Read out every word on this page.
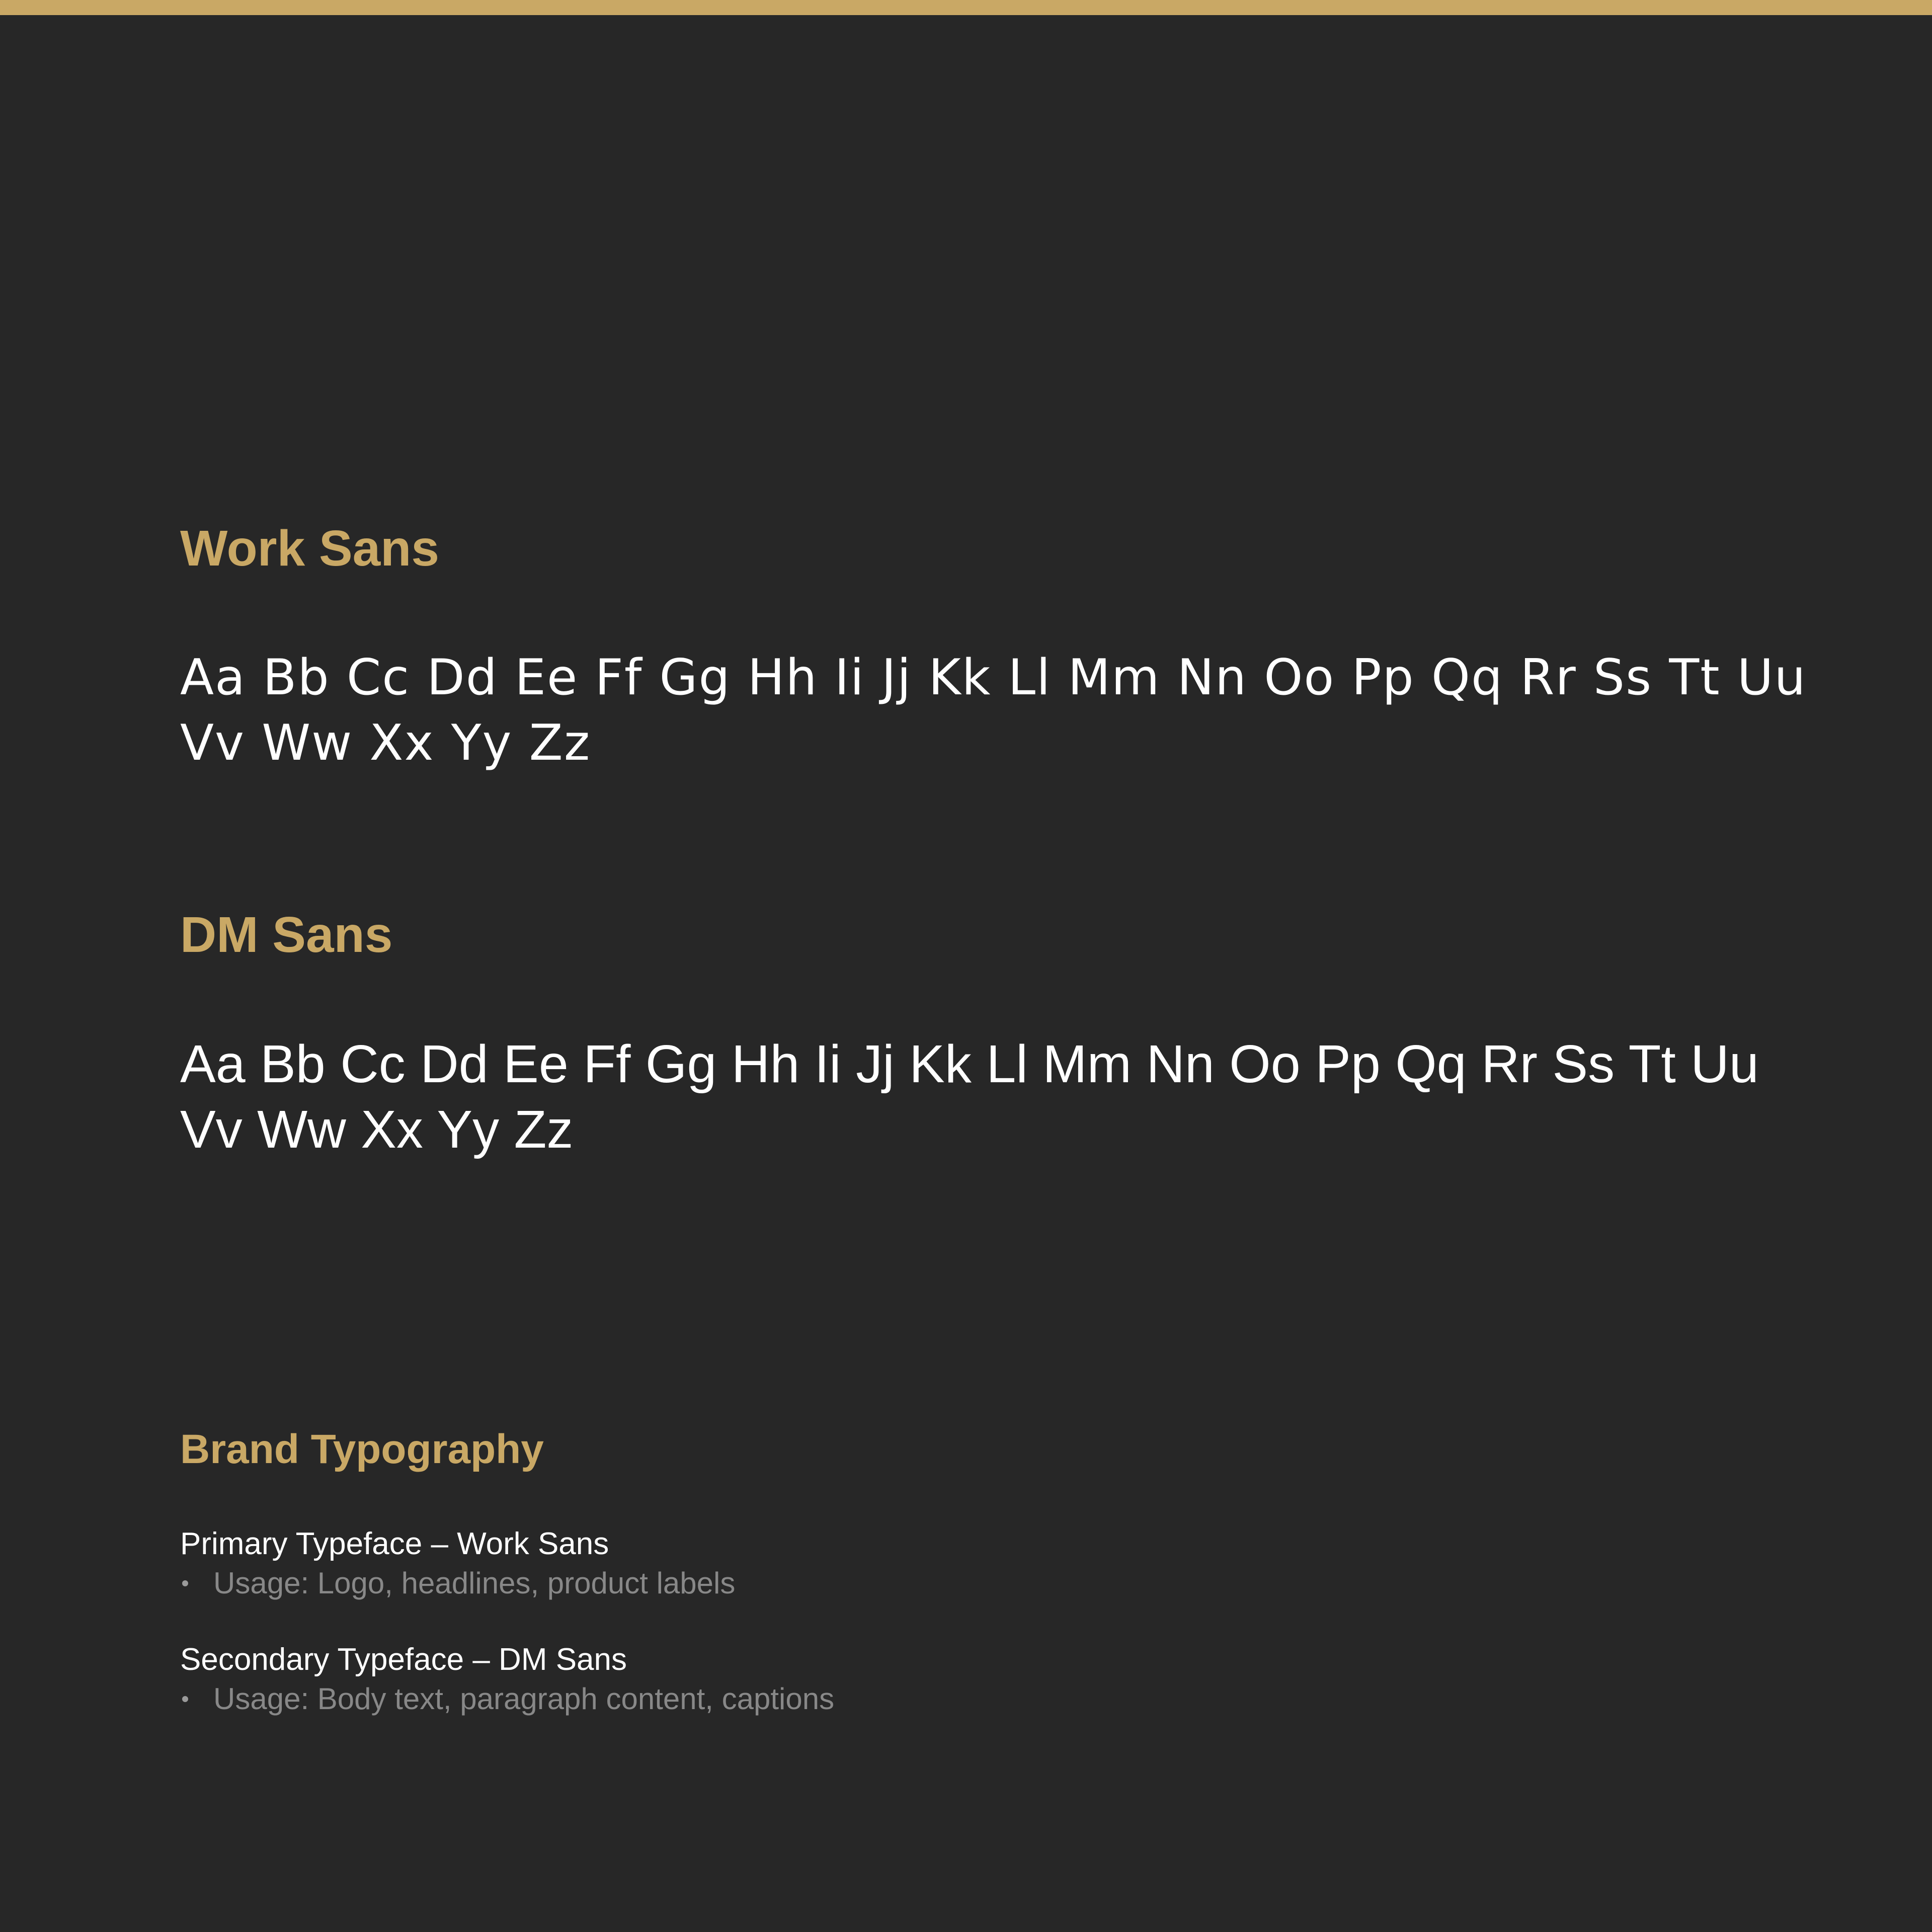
Work Sans

Aa Bb Cc Dd Ee Ff Gg Hh Ii Jj Kk Ll Mm Nn Oo Pp Qq Rr Ss Tt Uu Vv Ww Xx Yy Zz

DM Sans

Aa Bb Cc Dd Ee Ff Gg Hh Ii Jj Kk Ll Mm Nn Oo Pp Qq Rr Ss Tt Uu Vv Ww Xx Yy Zz

Brand Typography
Primary Typeface – Work Sans
Usage: Logo, headlines, product labels
Secondary Typeface – DM Sans
Usage: Body text, paragraph content, captions
